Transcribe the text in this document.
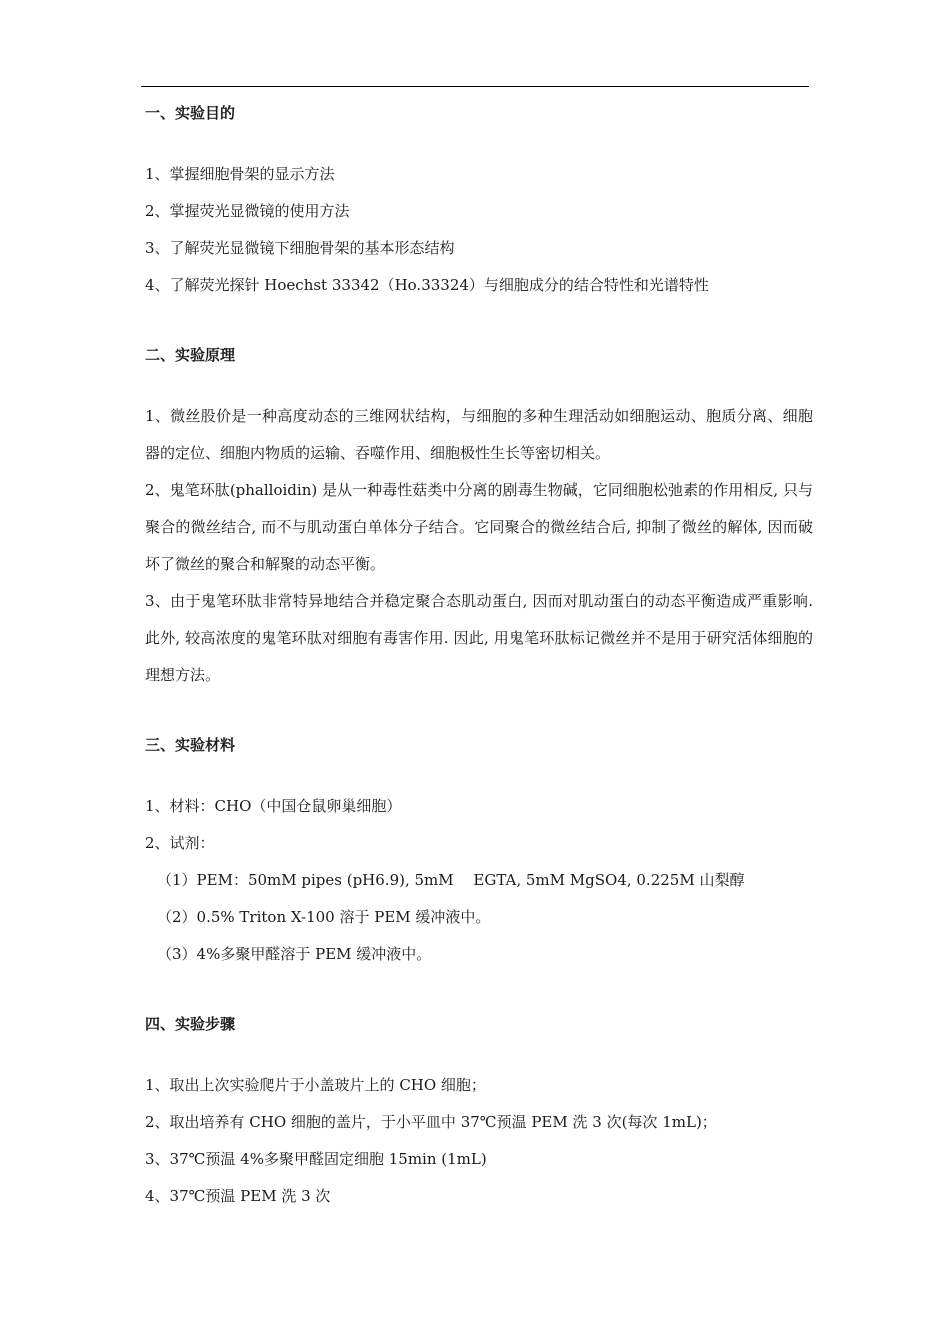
一、实验目的

1、掌握细胞骨架的显示方法

2、掌握荧光显微镜的使用方法

3、了解荧光显微镜下细胞骨架的基本形态结构

4、了解荧光探针 Hoechst 33342（Ho.33324）与细胞成分的结合特性和光谱特性

二、实验原理

1、微丝股价是一种高度动态的三维网状结构，与细胞的多种生理活动如细胞运动、胞质分离、细胞器的定位、细胞内物质的运输、吞噬作用、细胞极性生长等密切相关。

2、鬼笔环肽(phalloidin) 是从一种毒性菇类中分离的剧毒生物碱，它同细胞松弛素的作用相反, 只与聚合的微丝结合, 而不与肌动蛋白单体分子结合。它同聚合的微丝结合后, 抑制了微丝的解体, 因而破坏了微丝的聚合和解聚的动态平衡。

3、由于鬼笔环肽非常特异地结合并稳定聚合态肌动蛋白, 因而对肌动蛋白的动态平衡造成严重影响. 此外, 较高浓度的鬼笔环肽对细胞有毒害作用. 因此, 用鬼笔环肽标记微丝并不是用于研究活体细胞的理想方法。

三、实验材料

1、材料：CHO（中国仓鼠卵巢细胞）

2、试剂：

（1）PEM：50mM pipes (pH6.9), 5mM　 EGTA, 5mM MgSO4, 0.225M 山梨醇

（2）0.5% Triton X-100 溶于 PEM 缓冲液中。

（3）4%多聚甲醛溶于 PEM 缓冲液中。

四、实验步骤

1、取出上次实验爬片于小盖玻片上的 CHO 细胞；

2、取出培养有 CHO 细胞的盖片，于小平皿中 37℃预温 PEM 洗 3 次(每次 1mL)；

3、37℃预温 4%多聚甲醛固定细胞 15min (1mL)

4、37℃预温 PEM 洗 3 次
